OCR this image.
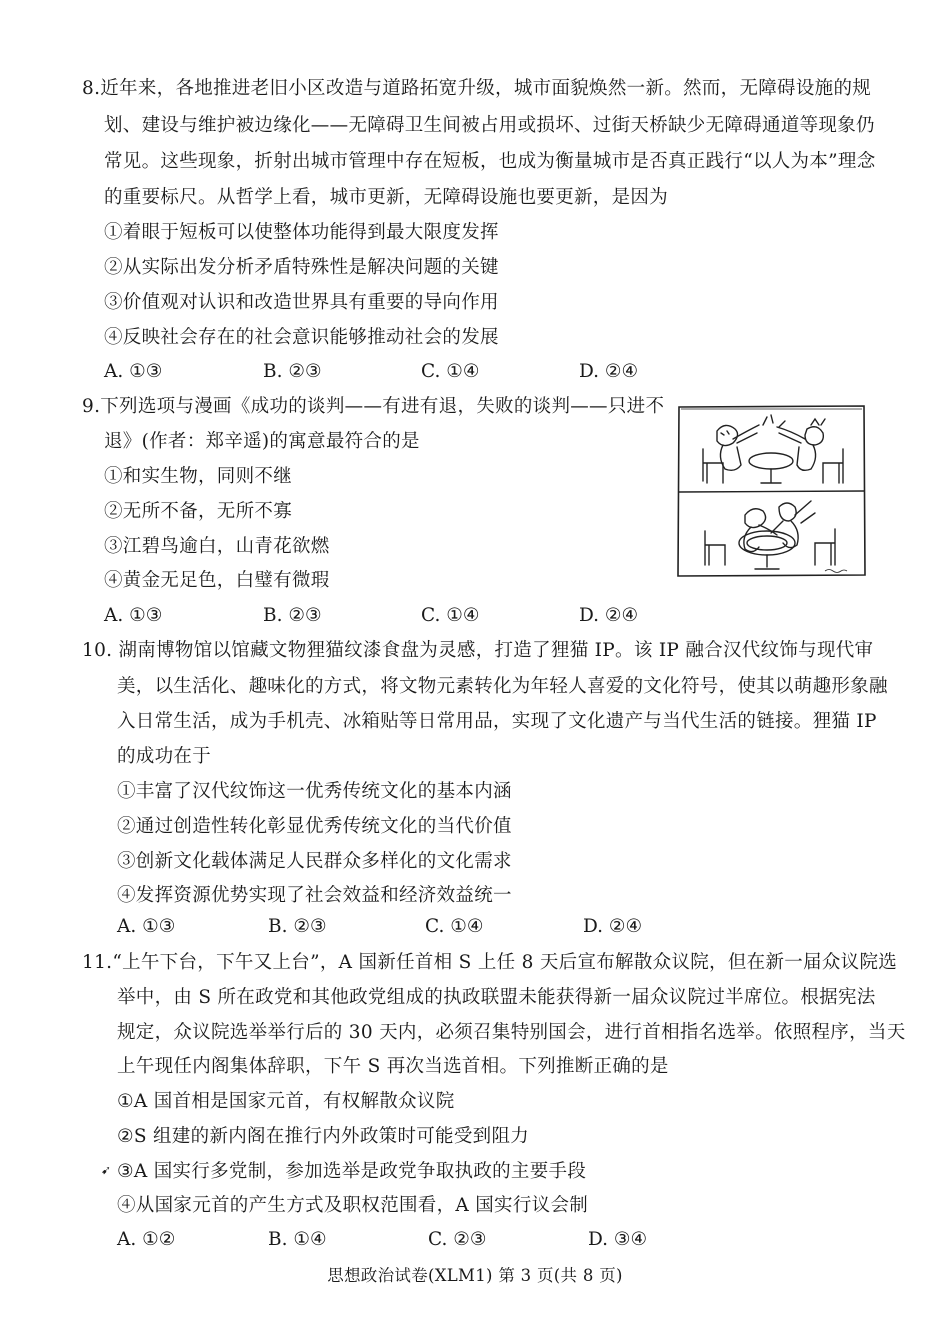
8.近年来，各地推进老旧小区改造与道路拓宽升级，城市面貌焕然一新。然而，无障碍设施的规
划、建设与维护被边缘化——无障碍卫生间被占用或损坏、过街天桥缺少无障碍通道等现象仍
常见。这些现象，折射出城市管理中存在短板，也成为衡量城市是否真正践行“以人为本”理念
的重要标尺。从哲学上看，城市更新，无障碍设施也要更新，是因为
①着眼于短板可以使整体功能得到最大限度发挥
②从实际出发分析矛盾特殊性是解决问题的关键
③价值观对认识和改造世界具有重要的导向作用
④反映社会存在的社会意识能够推动社会的发展
A. ①③	B. ②③	C. ①④	D. ②④
9.下列选项与漫画《成功的谈判——有进有退，失败的谈判——只进不
退》(作者：郑辛遥)的寓意最符合的是
①和实生物，同则不继
②无所不备，无所不寡
③江碧鸟逾白，山青花欲燃
④黄金无足色，白璧有微瑕
A. ①③	B. ②③	C. ①④	D. ②④
10. 湖南博物馆以馆藏文物狸猫纹漆食盘为灵感，打造了狸猫 IP。该 IP 融合汉代纹饰与现代审
美，以生活化、趣味化的方式，将文物元素转化为年轻人喜爱的文化符号，使其以萌趣形象融
入日常生活，成为手机壳、冰箱贴等日常用品，实现了文化遗产与当代生活的链接。狸猫 IP
的成功在于
①丰富了汉代纹饰这一优秀传统文化的基本内涵
②通过创造性转化彰显优秀传统文化的当代价值
③创新文化载体满足人民群众多样化的文化需求
④发挥资源优势实现了社会效益和经济效益统一
A. ①③	B. ②③	C. ①④	D. ②④
11.“上午下台，下午又上台”，A 国新任首相 S 上任 8 天后宣布解散众议院，但在新一届众议院选
举中，由 S 所在政党和其他政党组成的执政联盟未能获得新一届众议院过半席位。根据宪法
规定，众议院选举举行后的 30 天内，必须召集特别国会，进行首相指名选举。依照程序，当天
上午现任内阁集体辞职，下午 S 再次当选首相。下列推断正确的是
①A 国首相是国家元首，有权解散众议院
②S 组建的新内阁在推行内外政策时可能受到阻力
➹ ③A 国实行多党制，参加选举是政党争取执政的主要手段
④从国家元首的产生方式及职权范围看，A 国实行议会制
A. ①②	B. ①④	C. ②③	D. ③④
思想政治试卷(XLM1) 第 3 页(共 8 页)
